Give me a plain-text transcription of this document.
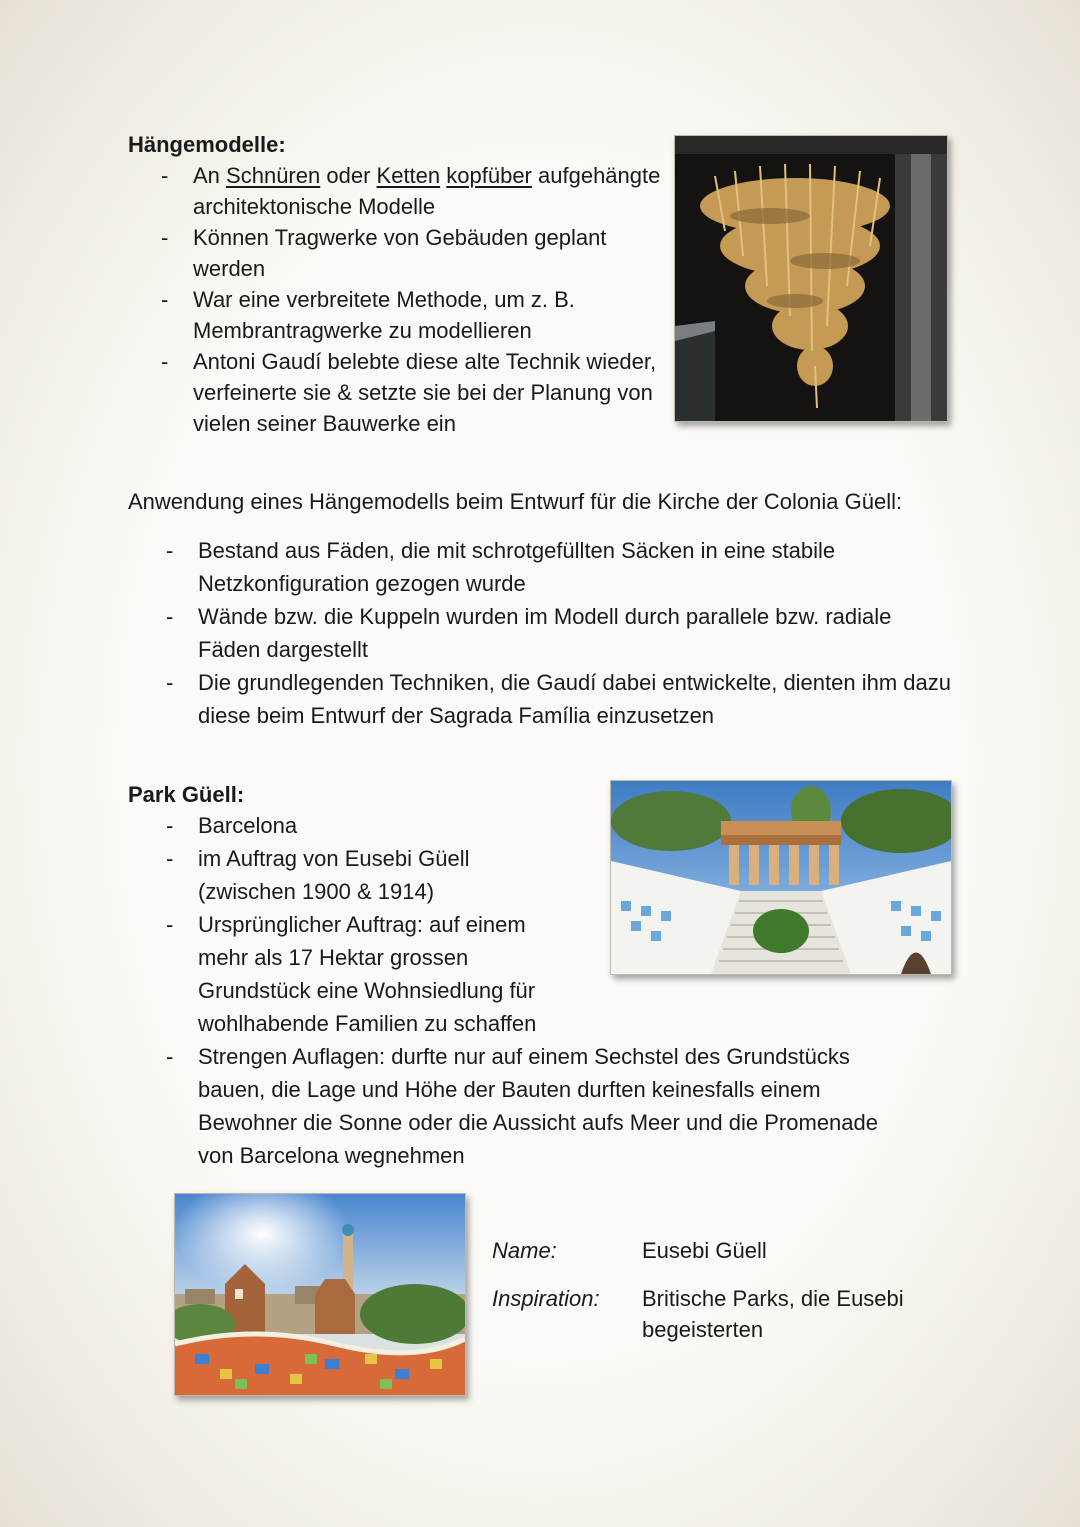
Hängemodelle:
- An Schnüren oder Ketten kopfüber aufgehängte architektonische Modelle
- Können Tragwerke von Gebäuden geplant werden
- War eine verbreitete Methode, um z. B. Membrantragwerke zu modellieren
- Antoni Gaudí belebte diese alte Technik wieder, verfeinerte sie & setzte sie bei der Planung von vielen seiner Bauwerke ein
Anwendung eines Hängemodells beim Entwurf für die Kirche der Colonia Güell:
- Bestand aus Fäden, die mit schrotgefüllten Säcken in eine stabile Netzkonfiguration gezogen wurde
- Wände bzw. die Kuppeln wurden im Modell durch parallele bzw. radiale Fäden dargestellt
- Die grundlegenden Techniken, die Gaudí dabei entwickelte, dienten ihm dazu diese beim Entwurf der Sagrada Família einzusetzen
Park Güell:
- Barcelona
- im Auftrag von Eusebi Güell (zwischen 1900 & 1914)
- Ursprünglicher Auftrag: auf einem mehr als 17 Hektar grossen Grundstück eine Wohnsiedlung für wohlhabende Familien zu schaffen
- Strengen Auflagen: durfte nur auf einem Sechstel des Grundstücks bauen, die Lage und Höhe der Bauten durften keinesfalls einem Bewohner die Sonne oder die Aussicht aufs Meer und die Promenade von Barcelona wegnehmen
Name:	Eusebi Güell
Inspiration: Britische Parks, die Eusebi begeisterten
